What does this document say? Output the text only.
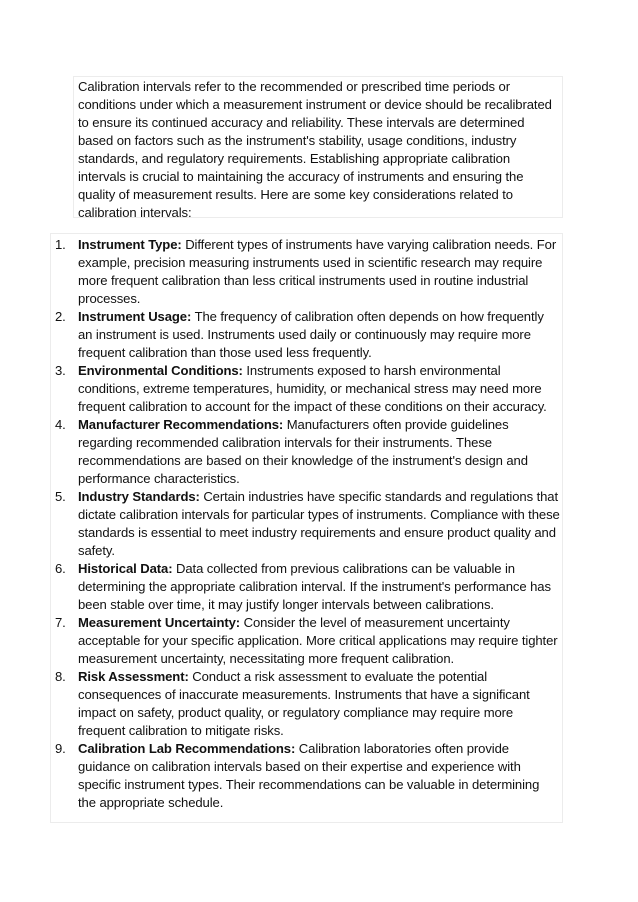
Calibration intervals refer to the recommended or prescribed time periods or conditions under which a measurement instrument or device should be recalibrated to ensure its continued accuracy and reliability. These intervals are determined based on factors such as the instrument's stability, usage conditions, industry standards, and regulatory requirements. Establishing appropriate calibration intervals is crucial to maintaining the accuracy of instruments and ensuring the quality of measurement results. Here are some key considerations related to calibration intervals:

1. Instrument Type: Different types of instruments have varying calibration needs. For example, precision measuring instruments used in scientific research may require more frequent calibration than less critical instruments used in routine industrial processes.
2. Instrument Usage: The frequency of calibration often depends on how frequently an instrument is used. Instruments used daily or continuously may require more frequent calibration than those used less frequently.
3. Environmental Conditions: Instruments exposed to harsh environmental conditions, extreme temperatures, humidity, or mechanical stress may need more frequent calibration to account for the impact of these conditions on their accuracy.
4. Manufacturer Recommendations: Manufacturers often provide guidelines regarding recommended calibration intervals for their instruments. These recommendations are based on their knowledge of the instrument's design and performance characteristics.
5. Industry Standards: Certain industries have specific standards and regulations that dictate calibration intervals for particular types of instruments. Compliance with these standards is essential to meet industry requirements and ensure product quality and safety.
6. Historical Data: Data collected from previous calibrations can be valuable in determining the appropriate calibration interval. If the instrument's performance has been stable over time, it may justify longer intervals between calibrations.
7. Measurement Uncertainty: Consider the level of measurement uncertainty acceptable for your specific application. More critical applications may require tighter measurement uncertainty, necessitating more frequent calibration.
8. Risk Assessment: Conduct a risk assessment to evaluate the potential consequences of inaccurate measurements. Instruments that have a significant impact on safety, product quality, or regulatory compliance may require more frequent calibration to mitigate risks.
9. Calibration Lab Recommendations: Calibration laboratories often provide guidance on calibration intervals based on their expertise and experience with specific instrument types. Their recommendations can be valuable in determining the appropriate schedule.
